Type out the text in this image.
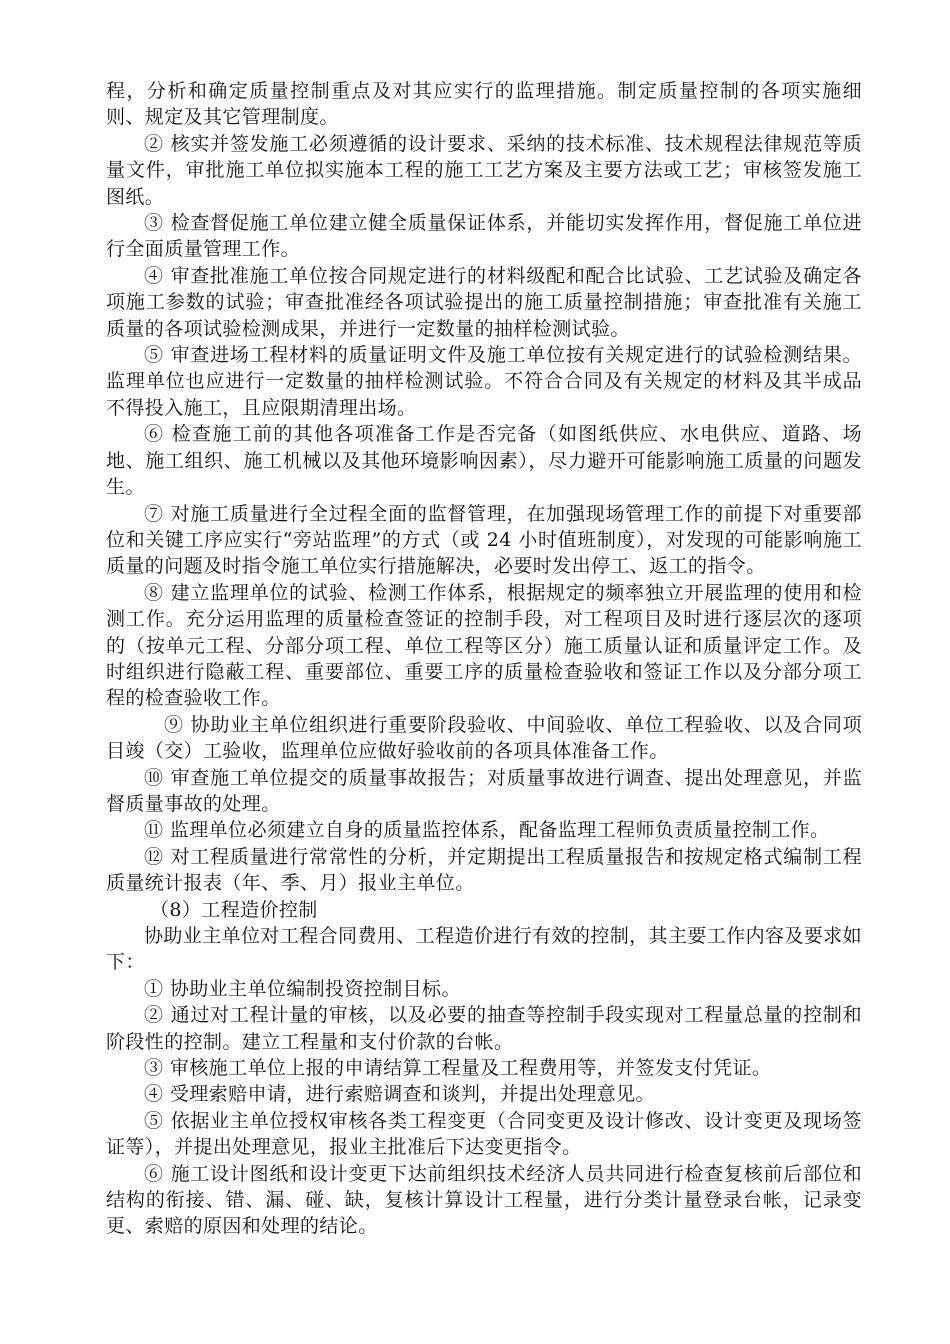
程，分析和确定质量控制重点及对其应实行的监理措施。制定质量控制的各项实施细则、规定及其它管理制度。

② 核实并签发施工必须遵循的设计要求、采纳的技术标准、技术规程法律规范等质量文件，审批施工单位拟实施本工程的施工工艺方案及主要方法或工艺；审核签发施工图纸。

③ 检查督促施工单位建立健全质量保证体系，并能切实发挥作用，督促施工单位进行全面质量管理工作。

④ 审查批准施工单位按合同规定进行的材料级配和配合比试验、工艺试验及确定各项施工参数的试验；审查批准经各项试验提出的施工质量控制措施；审查批准有关施工质量的各项试验检测成果，并进行一定数量的抽样检测试验。

⑤ 审查进场工程材料的质量证明文件及施工单位按有关规定进行的试验检测结果。监理单位也应进行一定数量的抽样检测试验。不符合合同及有关规定的材料及其半成品不得投入施工，且应限期清理出场。

⑥ 检查施工前的其他各项准备工作是否完备（如图纸供应、水电供应、道路、场地、施工组织、施工机械以及其他环境影响因素），尽力避开可能影响施工质量的问题发生。

⑦ 对施工质量进行全过程全面的监督管理，在加强现场管理工作的前提下对重要部位和关键工序应实行“旁站监理”的方式（或 24 小时值班制度），对发现的可能影响施工质量的问题及时指令施工单位实行措施解决，必要时发出停工、返工的指令。

⑧ 建立监理单位的试验、检测工作体系，根据规定的频率独立开展监理的使用和检测工作。充分运用监理的质量检查签证的控制手段，对工程项目及时进行逐层次的逐项的（按单元工程、分部分项工程、单位工程等区分）施工质量认证和质量评定工作。及时组织进行隐蔽工程、重要部位、重要工序的质量检查验收和签证工作以及分部分项工程的检查验收工作。

⑨ 协助业主单位组织进行重要阶段验收、中间验收、单位工程验收、以及合同项目竣（交）工验收，监理单位应做好验收前的各项具体准备工作。

⑩ 审查施工单位提交的质量事故报告；对质量事故进行调查、提出处理意见，并监督质量事故的处理。

⑪ 监理单位必须建立自身的质量监控体系，配备监理工程师负责质量控制工作。

⑫ 对工程质量进行常常性的分析，并定期提出工程质量报告和按规定格式编制工程质量统计报表（年、季、月）报业主单位。

（8）工程造价控制

协助业主单位对工程合同费用、工程造价进行有效的控制，其主要工作内容及要求如下：

① 协助业主单位编制投资控制目标。

② 通过对工程计量的审核，以及必要的抽查等控制手段实现对工程量总量的控制和阶段性的控制。建立工程量和支付价款的台帐。

③ 审核施工单位上报的申请结算工程量及工程费用等，并签发支付凭证。

④ 受理索赔申请，进行索赔调查和谈判，并提出处理意见。

⑤ 依据业主单位授权审核各类工程变更（合同变更及设计修改、设计变更及现场签证等），并提出处理意见，报业主批准后下达变更指令。

⑥ 施工设计图纸和设计变更下达前组织技术经济人员共同进行检查复核前后部位和结构的衔接、错、漏、碰、缺，复核计算设计工程量，进行分类计量登录台帐，记录变更、索赔的原因和处理的结论。
